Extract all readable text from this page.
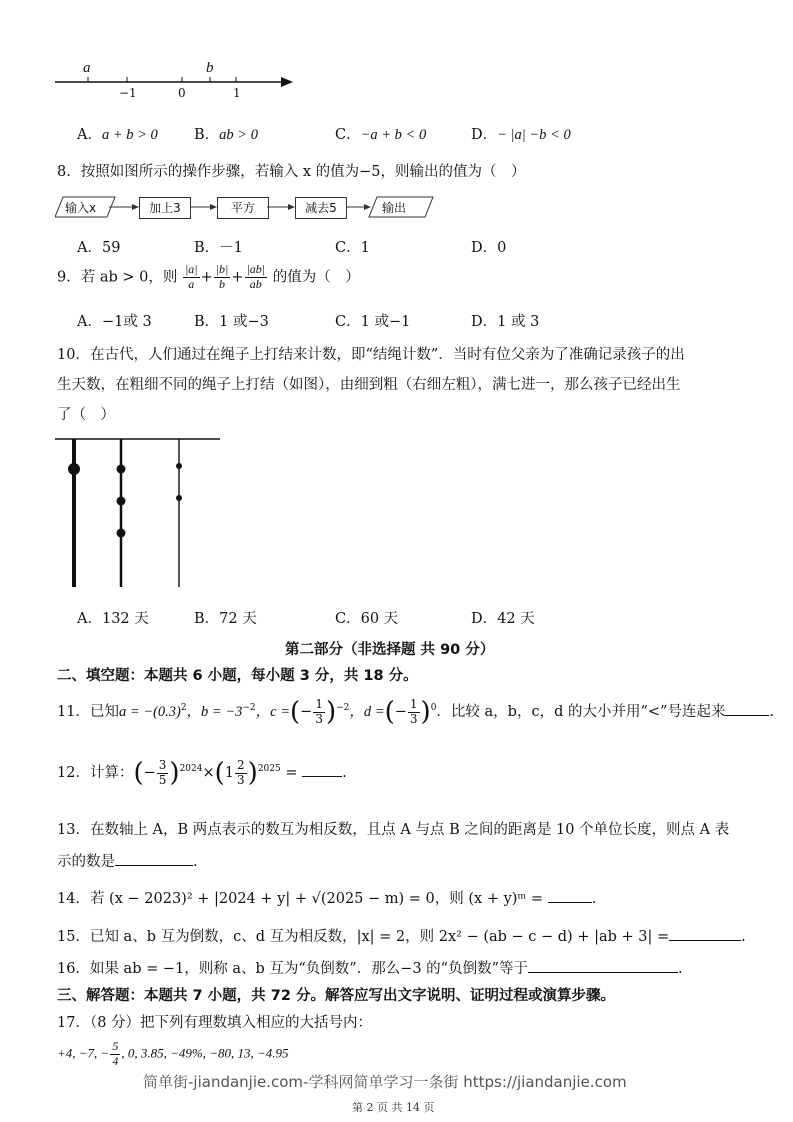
a	b
−1	0	1
A．a + b > 0 B．ab > 0	C．−a + b < 0	D．− |a| −b < 0
8．按照如图所示的操作步骤，若输入 x 的值为−5，则输出的值为（　）
输入x	加上3	平方	减去5	输出
A．59	B．－1	C．1	D．0
9．若 ab > 0，则 $\frac{|a|}{a} + \frac{|b|}{b} + \frac{|ab|}{ab}$ 的值为（　）
A．−1或 3	B．1 或−3	C．1 或−1	D．1 或 3
10．在古代，人们通过在绳子上打结来计数，即“结绳计数”．当时有位父亲为了准确记录孩子的出
生天数，在粗细不同的绳子上打结（如图），由细到粗（右细左粗），满七进一，那么孩子已经出生
了（　）
A．132 天	B．72 天	C．60 天	D．42 天
第二部分（非选择题 共 90 分）
二、填空题：本题共 6 小题，每小题 3 分，共 18 分。
11．已知$a = -(0.3)^2$，$b = -3^{-2}$，c =(− $\frac{1}{3} )^{-2}$，d =(− $\frac{1}{3} )^0$．比较 a，b，c，d 的大小并用“<”号连起来	.
12．计算：(− $\frac{3}{5} )^{2024}\times(1 \frac{2}{3} )^{2025}$ =	.
13．在数轴上 A，B 两点表示的数互为相反数，且点 A 与点 B 之间的距离是 10 个单位长度，则点 A 表
示的数是	.
14．若 (x − 2023)² + |2024 + y| + √(2025 − m) = 0，则 (x + y)ᵐ =	.
15．已知 a、b 互为倒数，c、d 互为相反数，|x| = 2，则 2x² − (ab − c − d) + |ab + 3| =	.
16．如果 ab = −1，则称 a、b 互为“负倒数”．那么−3 的“负倒数”等于	.
三、解答题：本题共 7 小题，共 72 分。解答应写出文字说明、证明过程或演算步骤。
17．（8 分）把下列有理数填入相应的大括号内：
+4, −7, − $\frac{5}{4}$ , 0, 3.85, −49%, −80, 13, −4.95
简单街-jiandanjie.com-学科网简单学习一条街 https://jiandanjie.com
第 2 页 共 14 页
